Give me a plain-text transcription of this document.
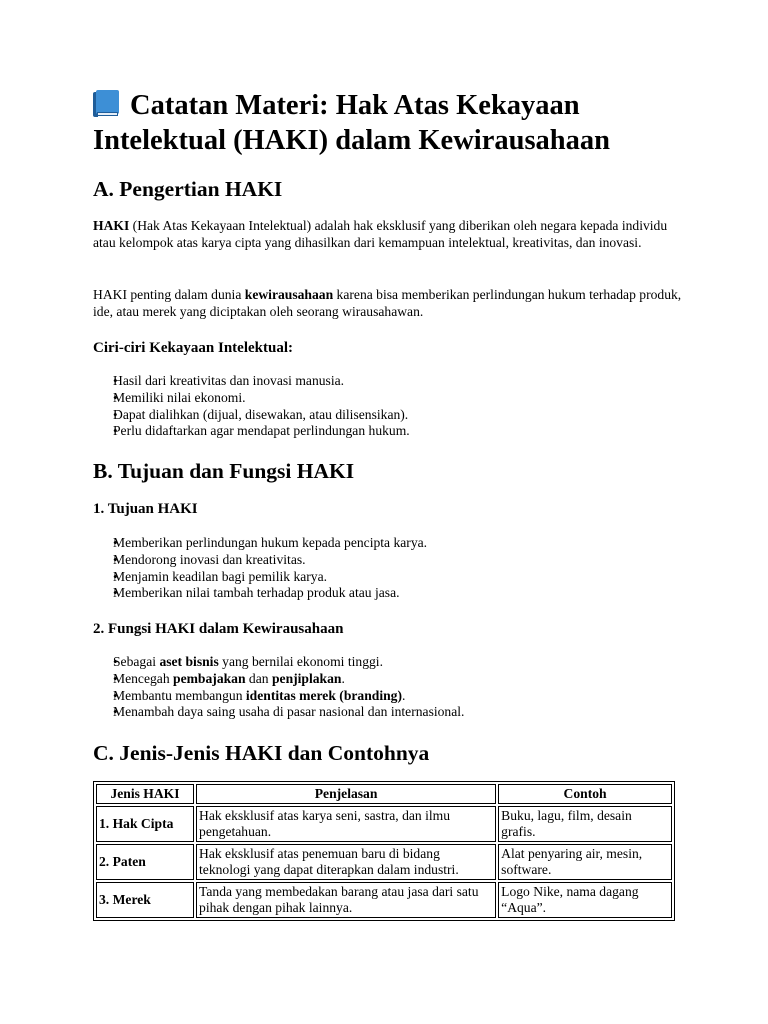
Catatan Materi: Hak Atas Kekayaan Intelektual (HAKI) dalam Kewirausahaan
A. Pengertian HAKI

HAKI (Hak Atas Kekayaan Intelektual) adalah hak eksklusif yang diberikan oleh negara kepada individu atau kelompok atas karya cipta yang dihasilkan dari kemampuan intelektual, kreativitas, dan inovasi.

HAKI penting dalam dunia kewirausahaan karena bisa memberikan perlindungan hukum terhadap produk, ide, atau merek yang diciptakan oleh seorang wirausahawan.

Ciri-ciri Kekayaan Intelektual:
• Hasil dari kreativitas dan inovasi manusia.
• Memiliki nilai ekonomi.
• Dapat dialihkan (dijual, disewakan, atau dilisensikan).
• Perlu didaftarkan agar mendapat perlindungan hukum.
B. Tujuan dan Fungsi HAKI
1. Tujuan HAKI
• Memberikan perlindungan hukum kepada pencipta karya.
• Mendorong inovasi dan kreativitas.
• Menjamin keadilan bagi pemilik karya.
• Memberikan nilai tambah terhadap produk atau jasa.
2. Fungsi HAKI dalam Kewirausahaan
• Sebagai aset bisnis yang bernilai ekonomi tinggi.
• Mencegah pembajakan dan penjiplakan.
• Membantu membangun identitas merek (branding).
• Menambah daya saing usaha di pasar nasional dan internasional.
C. Jenis-Jenis HAKI dan Contohnya
Jenis HAKI	Penjelasan	Contoh
1. Hak Cipta	Hak eksklusif atas karya seni, sastra, dan ilmu pengetahuan.	Buku, lagu, film, desain grafis.
2. Paten	Hak eksklusif atas penemuan baru di bidang teknologi yang dapat diterapkan dalam industri.	Alat penyaring air, mesin, software.
3. Merek	Tanda yang membedakan barang atau jasa dari satu pihak dengan pihak lainnya.	Logo Nike, nama dagang “Aqua”.
